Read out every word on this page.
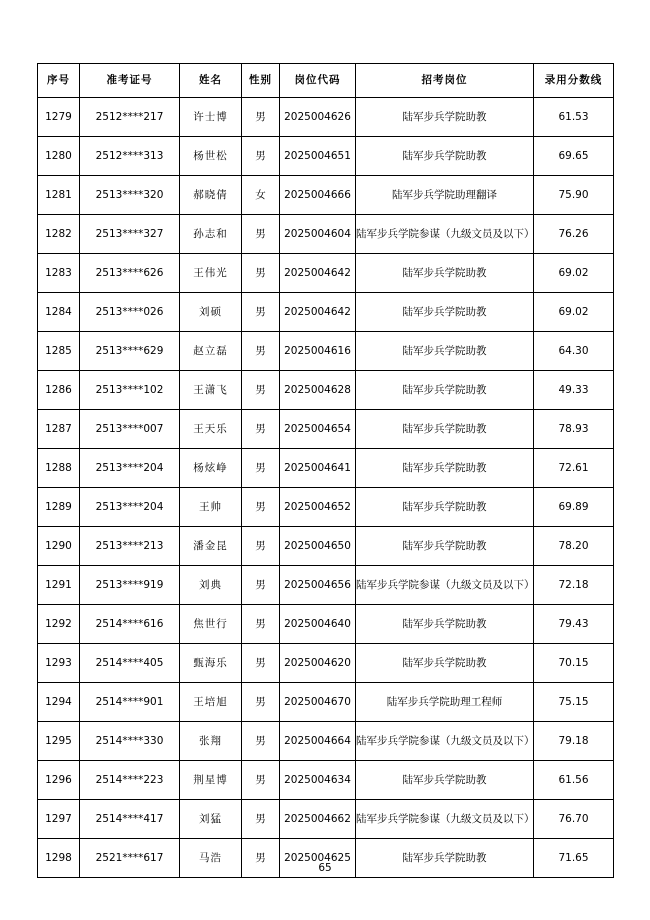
序号	准考证号	姓名	性别	岗位代码	招考岗位	录用分数线
1279	2512****217	许士博	男	2025004626	陆军步兵学院助教	61.53
1280	2512****313	杨世松	男	2025004651	陆军步兵学院助教	69.65
1281	2513****320	郝晓倩	女	2025004666	陆军步兵学院助理翻译	75.90
1282	2513****327	孙志和	男	2025004604	陆军步兵学院参谋（九级文员及以下）	76.26
1283	2513****626	王伟光	男	2025004642	陆军步兵学院助教	69.02
1284	2513****026	刘硕	男	2025004642	陆军步兵学院助教	69.02
1285	2513****629	赵立磊	男	2025004616	陆军步兵学院助教	64.30
1286	2513****102	王潇飞	男	2025004628	陆军步兵学院助教	49.33
1287	2513****007	王天乐	男	2025004654	陆军步兵学院助教	78.93
1288	2513****204	杨炫峥	男	2025004641	陆军步兵学院助教	72.61
1289	2513****204	王帅	男	2025004652	陆军步兵学院助教	69.89
1290	2513****213	潘金昆	男	2025004650	陆军步兵学院助教	78.20
1291	2513****919	刘典	男	2025004656	陆军步兵学院参谋（九级文员及以下）	72.18
1292	2514****616	焦世行	男	2025004640	陆军步兵学院助教	79.43
1293	2514****405	甄海乐	男	2025004620	陆军步兵学院助教	70.15
1294	2514****901	王培旭	男	2025004670	陆军步兵学院助理工程师	75.15
1295	2514****330	张翔	男	2025004664	陆军步兵学院参谋（九级文员及以下）	79.18
1296	2514****223	荆星博	男	2025004634	陆军步兵学院助教	61.56
1297	2514****417	刘猛	男	2025004662	陆军步兵学院参谋（九级文员及以下）	76.70
1298	2521****617	马浩	男	2025004625	陆军步兵学院助教	71.65
65
